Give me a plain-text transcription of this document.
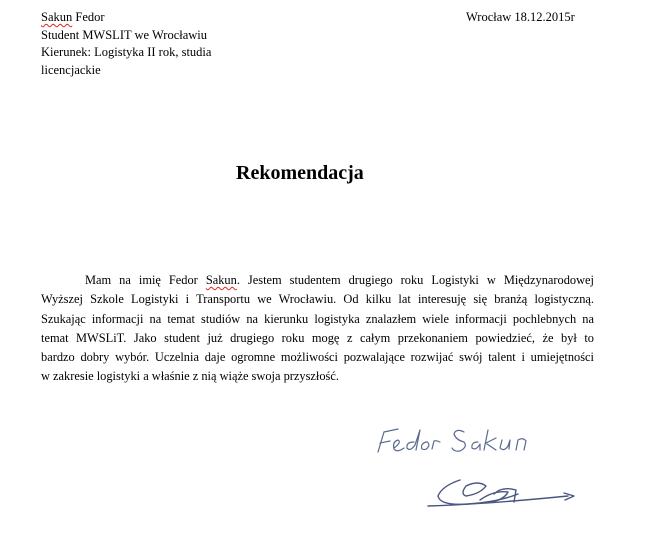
Sakun Fedor
Student MWSLIT we Wrocławiu
Kierunek: Logistyka II rok, studia
licencjackie
Wrocław 18.12.2015r
Rekomendacja
Mam na imię Fedor Sakun. Jestem studentem drugiego roku Logistyki w Międzynarodowej
Wyższej Szkole Logistyki i Transportu we Wrocławiu. Od kilku lat interesuję się branżą logistyczną.
Szukając informacji na temat studiów na kierunku logistyka znalazłem wiele informacji pochlebnych na
temat MWSLiT. Jako student już drugiego roku mogę z całym przekonaniem powiedzieć, że był to
bardzo dobry wybór. Uczelnia daje ogromne możliwości pozwalające rozwijać swój talent i umiejętności
w zakresie logistyki a właśnie z nią wiąże swoja przyszłość.
